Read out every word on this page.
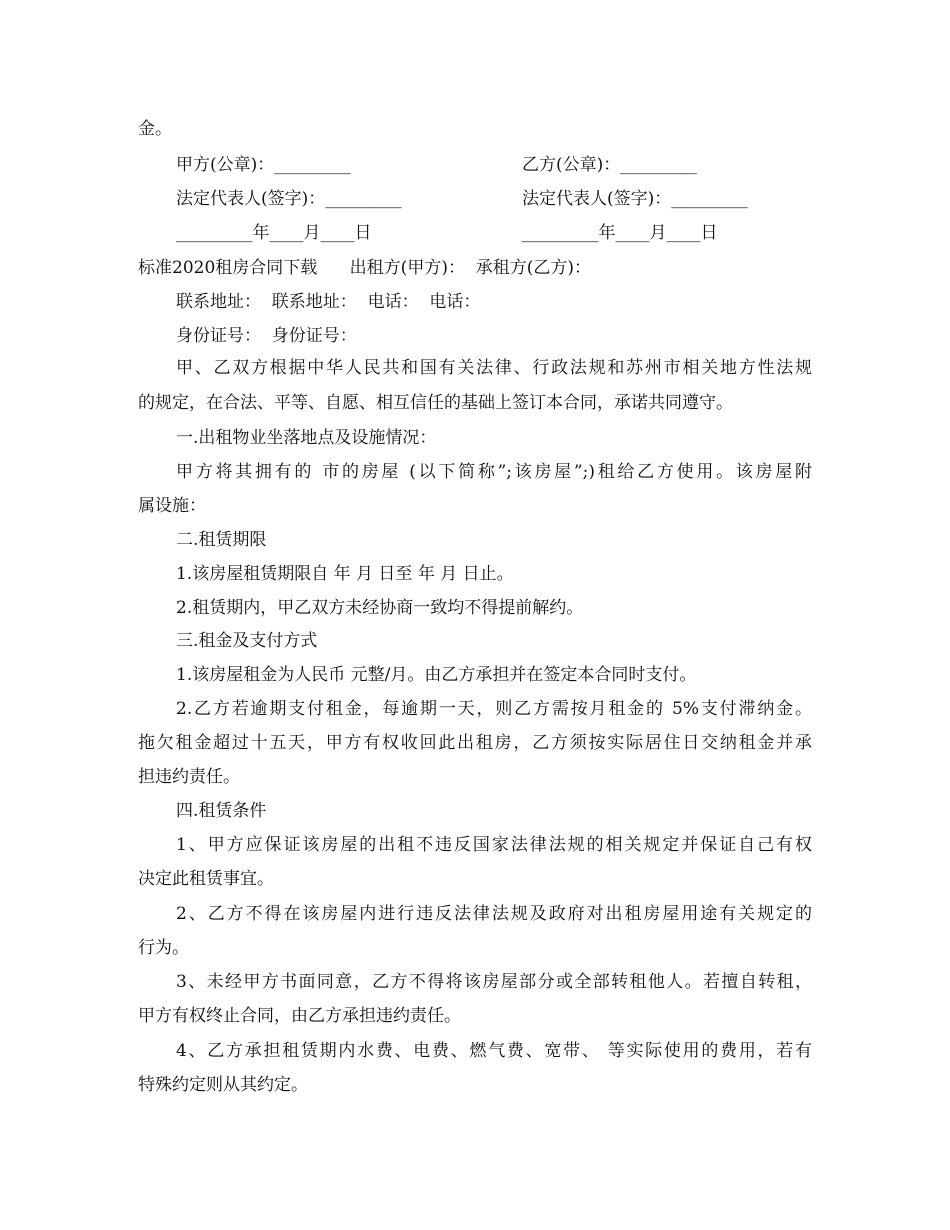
金。
甲方(公章)：_________	乙方(公章)：_________
法定代表人(签字)：_________	法定代表人(签字)：_________
_________年____月____日	_________年____月____日
标准2020租房合同下载      出租方(甲方)：  承租方(乙方)：
联系地址：  联系地址：  电话：  电话：
身份证号：  身份证号：
甲、乙双方根据中华人民共和国有关法律、行政法规和苏州市相关地方性法规
的规定，在合法、平等、自愿、相互信任的基础上签订本合同，承诺共同遵守。
一.出租物业坐落地点及设施情况：
甲方将其拥有的 市的房屋 (以下简称”;该房屋”;)租给乙方使用。该房屋附
属设施：
二.租赁期限
1.该房屋租赁期限自 年 月 日至 年 月 日止。
2.租赁期内，甲乙双方未经协商一致均不得提前解约。
三.租金及支付方式
1.该房屋租金为人民币 元整/月。由乙方承担并在签定本合同时支付。
2.乙方若逾期支付租金，每逾期一天，则乙方需按月租金的 5%支付滞纳金。
拖欠租金超过十五天，甲方有权收回此出租房，乙方须按实际居住日交纳租金并承
担违约责任。
四.租赁条件
1、甲方应保证该房屋的出租不违反国家法律法规的相关规定并保证自己有权
决定此租赁事宜。
2、乙方不得在该房屋内进行违反法律法规及政府对出租房屋用途有关规定的
行为。
3、未经甲方书面同意，乙方不得将该房屋部分或全部转租他人。若擅自转租，
甲方有权终止合同，由乙方承担违约责任。
4、乙方承担租赁期内水费、电费、燃气费、宽带、 等实际使用的费用，若有
特殊约定则从其约定。
